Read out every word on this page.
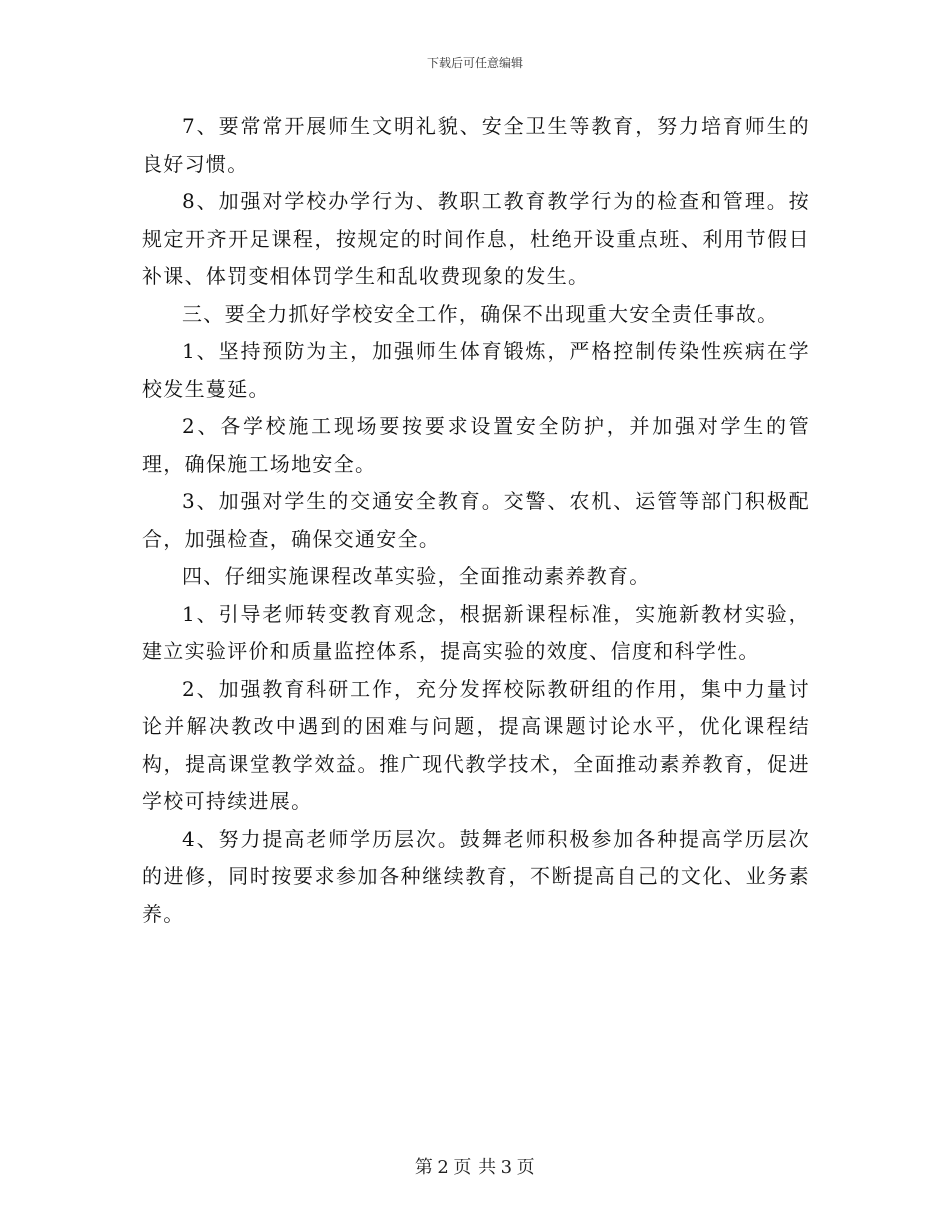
下载后可任意编辑

7、要常常开展师生文明礼貌、安全卫生等教育，努力培育师生的良好习惯。

8、加强对学校办学行为、教职工教育教学行为的检查和管理。按规定开齐开足课程，按规定的时间作息，杜绝开设重点班、利用节假日补课、体罚变相体罚学生和乱收费现象的发生。

三、要全力抓好学校安全工作，确保不出现重大安全责任事故。

1、坚持预防为主，加强师生体育锻炼，严格控制传染性疾病在学校发生蔓延。

2、各学校施工现场要按要求设置安全防护，并加强对学生的管理，确保施工场地安全。

3、加强对学生的交通安全教育。交警、农机、运管等部门积极配合，加强检查，确保交通安全。

四、仔细实施课程改革实验，全面推动素养教育。

1、引导老师转变教育观念，根据新课程标准，实施新教材实验，建立实验评价和质量监控体系，提高实验的效度、信度和科学性。

2、加强教育科研工作，充分发挥校际教研组的作用，集中力量讨论并解决教改中遇到的困难与问题，提高课题讨论水平，优化课程结构，提高课堂教学效益。推广现代教学技术，全面推动素养教育，促进学校可持续进展。

4、努力提高老师学历层次。鼓舞老师积极参加各种提高学历层次的进修，同时按要求参加各种继续教育，不断提高自己的文化、业务素养。

第 2 页 共 3 页
